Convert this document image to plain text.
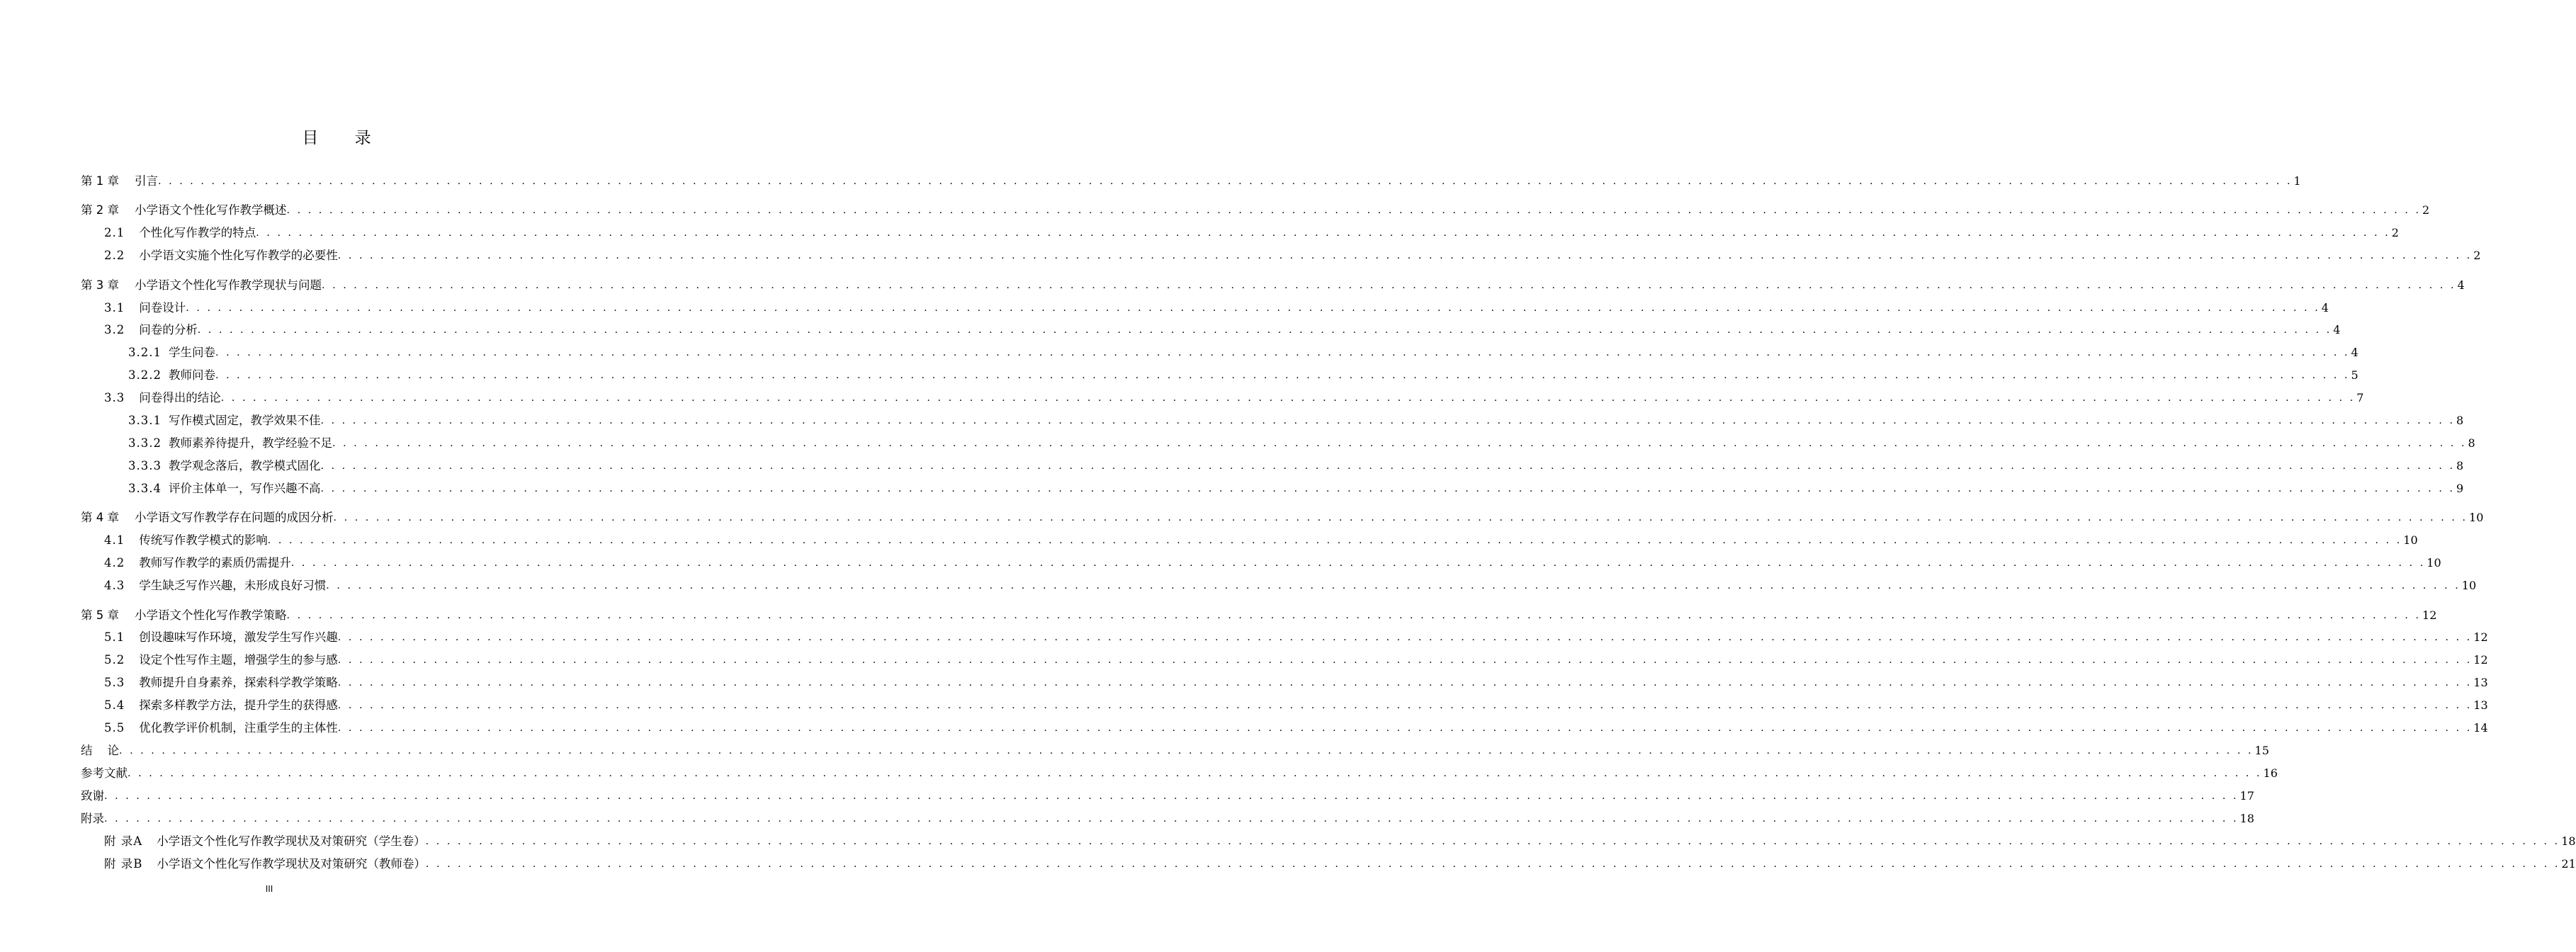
目 录
第 1 章 引言 . . . . . . . . . . . . . . . . . . . . . . . . . . . . . . . . . . . . . . . . . . . . . . . . . . . . . . . . . . . . . . . . . . . . . . . . . . . . . . . . . . . . . . . . . . . . . . . . . . . . . . . . . . . . . . . . . . . . . . . . . . . . . . . . . . . . . . . . . . . . . . . . . . . . . . . . . . . . . . . . . . . . . . . . . . . . . . . . . . . . . . . . . . . . . . . . . . . . . . . . 1
第 2 章 小学语文个性化写作教学概述 . . . . . . . . . . . . . . . . . . . . . . . . . . . . . . . . . . . . . . . . . . . . . . . . . . . . . . . . . . . . . . . . . . . . . . . . . . . . . . . . . . . . . . . . . . . . . . . . . . . . . . . . . . . . . . . . . . . . . . . . . . . . . . . . . . . . . . . . . . . . . . . . . . . . . . . . . . . . . . . . . . . . . . . . . . . . . . . . . . . . . . . . . . . . . . . . . . . . . . . . 2
2.1 个性化写作教学的特点 . . . . . . . . . . . . . . . . . . . . . . . . . . . . . . . . . . . . . . . . . . . . . . . . . . . . . . . . . . . . . . . . . . . . . . . . . . . . . . . . . . . . . . . . . . . . . . . . . . . . . . . . . . . . . . . . . . . . . . . . . . . . . . . . . . . . . . . . . . . . . . . . . . . . . . . . . . . . . . . . . . . . . . . . . . . . . . . . . . . . . . . . . . . . . . . . . . . . . . . . 2
2.2 小学语文实施个性化写作教学的必要性 . . . . . . . . . . . . . . . . . . . . . . . . . . . . . . . . . . . . . . . . . . . . . . . . . . . . . . . . . . . . . . . . . . . . . . . . . . . . . . . . . . . . . . . . . . . . . . . . . . . . . . . . . . . . . . . . . . . . . . . . . . . . . . . . . . . . . . . . . . . . . . . . . . . . . . . . . . . . . . . . . . . . . . . . . . . . . . . . . . . . . . . . . . . . . . . . . . . . . . . . 2
第 3 章 小学语文个性化写作教学现状与问题 . . . . . . . . . . . . . . . . . . . . . . . . . . . . . . . . . . . . . . . . . . . . . . . . . . . . . . . . . . . . . . . . . . . . . . . . . . . . . . . . . . . . . . . . . . . . . . . . . . . . . . . . . . . . . . . . . . . . . . . . . . . . . . . . . . . . . . . . . . . . . . . . . . . . . . . . . . . . . . . . . . . . . . . . . . . . . . . . . . . . . . . . . . . . . . . . . . . . . . . . 4
3.1 问卷设计 . . . . . . . . . . . . . . . . . . . . . . . . . . . . . . . . . . . . . . . . . . . . . . . . . . . . . . . . . . . . . . . . . . . . . . . . . . . . . . . . . . . . . . . . . . . . . . . . . . . . . . . . . . . . . . . . . . . . . . . . . . . . . . . . . . . . . . . . . . . . . . . . . . . . . . . . . . . . . . . . . . . . . . . . . . . . . . . . . . . . . . . . . . . . . . . . . . . . . . . . 4
3.2 问卷的分析 . . . . . . . . . . . . . . . . . . . . . . . . . . . . . . . . . . . . . . . . . . . . . . . . . . . . . . . . . . . . . . . . . . . . . . . . . . . . . . . . . . . . . . . . . . . . . . . . . . . . . . . . . . . . . . . . . . . . . . . . . . . . . . . . . . . . . . . . . . . . . . . . . . . . . . . . . . . . . . . . . . . . . . . . . . . . . . . . . . . . . . . . . . . . . . . . . . . . . . . . 4
3.2.1 学生问卷 . . . . . . . . . . . . . . . . . . . . . . . . . . . . . . . . . . . . . . . . . . . . . . . . . . . . . . . . . . . . . . . . . . . . . . . . . . . . . . . . . . . . . . . . . . . . . . . . . . . . . . . . . . . . . . . . . . . . . . . . . . . . . . . . . . . . . . . . . . . . . . . . . . . . . . . . . . . . . . . . . . . . . . . . . . . . . . . . . . . . . . . . . . . . . . . . . . . . . . . . 4
3.2.2 教师问卷 . . . . . . . . . . . . . . . . . . . . . . . . . . . . . . . . . . . . . . . . . . . . . . . . . . . . . . . . . . . . . . . . . . . . . . . . . . . . . . . . . . . . . . . . . . . . . . . . . . . . . . . . . . . . . . . . . . . . . . . . . . . . . . . . . . . . . . . . . . . . . . . . . . . . . . . . . . . . . . . . . . . . . . . . . . . . . . . . . . . . . . . . . . . . . . . . . . . . . . . . 5
3.3 问卷得出的结论 . . . . . . . . . . . . . . . . . . . . . . . . . . . . . . . . . . . . . . . . . . . . . . . . . . . . . . . . . . . . . . . . . . . . . . . . . . . . . . . . . . . . . . . . . . . . . . . . . . . . . . . . . . . . . . . . . . . . . . . . . . . . . . . . . . . . . . . . . . . . . . . . . . . . . . . . . . . . . . . . . . . . . . . . . . . . . . . . . . . . . . . . . . . . . . . . . . . . . . . . 7
3.3.1 写作模式固定，教学效果不佳 . . . . . . . . . . . . . . . . . . . . . . . . . . . . . . . . . . . . . . . . . . . . . . . . . . . . . . . . . . . . . . . . . . . . . . . . . . . . . . . . . . . . . . . . . . . . . . . . . . . . . . . . . . . . . . . . . . . . . . . . . . . . . . . . . . . . . . . . . . . . . . . . . . . . . . . . . . . . . . . . . . . . . . . . . . . . . . . . . . . . . . . . . . . . . . . . . . . . . . . . 8
3.3.2 教师素养待提升，教学经验不足 . . . . . . . . . . . . . . . . . . . . . . . . . . . . . . . . . . . . . . . . . . . . . . . . . . . . . . . . . . . . . . . . . . . . . . . . . . . . . . . . . . . . . . . . . . . . . . . . . . . . . . . . . . . . . . . . . . . . . . . . . . . . . . . . . . . . . . . . . . . . . . . . . . . . . . . . . . . . . . . . . . . . . . . . . . . . . . . . . . . . . . . . . . . . . . . . . . . . . . . . 8
3.3.3 教学观念落后，教学模式固化 . . . . . . . . . . . . . . . . . . . . . . . . . . . . . . . . . . . . . . . . . . . . . . . . . . . . . . . . . . . . . . . . . . . . . . . . . . . . . . . . . . . . . . . . . . . . . . . . . . . . . . . . . . . . . . . . . . . . . . . . . . . . . . . . . . . . . . . . . . . . . . . . . . . . . . . . . . . . . . . . . . . . . . . . . . . . . . . . . . . . . . . . . . . . . . . . . . . . . . . . 8
3.3.4 评价主体单一，写作兴趣不高 . . . . . . . . . . . . . . . . . . . . . . . . . . . . . . . . . . . . . . . . . . . . . . . . . . . . . . . . . . . . . . . . . . . . . . . . . . . . . . . . . . . . . . . . . . . . . . . . . . . . . . . . . . . . . . . . . . . . . . . . . . . . . . . . . . . . . . . . . . . . . . . . . . . . . . . . . . . . . . . . . . . . . . . . . . . . . . . . . . . . . . . . . . . . . . . . . . . . . . . . 9
第 4 章 小学语文写作教学存在问题的成因分析 . . . . . . . . . . . . . . . . . . . . . . . . . . . . . . . . . . . . . . . . . . . . . . . . . . . . . . . . . . . . . . . . . . . . . . . . . . . . . . . . . . . . . . . . . . . . . . . . . . . . . . . . . . . . . . . . . . . . . . . . . . . . . . . . . . . . . . . . . . . . . . . . . . . . . . . . . . . . . . . . . . . . . . . . . . . . . . . . . . . . . . . . . . . . . . . . . . . . . . . . 10
4.1 传统写作教学模式的影响 . . . . . . . . . . . . . . . . . . . . . . . . . . . . . . . . . . . . . . . . . . . . . . . . . . . . . . . . . . . . . . . . . . . . . . . . . . . . . . . . . . . . . . . . . . . . . . . . . . . . . . . . . . . . . . . . . . . . . . . . . . . . . . . . . . . . . . . . . . . . . . . . . . . . . . . . . . . . . . . . . . . . . . . . . . . . . . . . . . . . . . . . . . . . . . . . . . . . . . . . 10
4.2 教师写作教学的素质仍需提升 . . . . . . . . . . . . . . . . . . . . . . . . . . . . . . . . . . . . . . . . . . . . . . . . . . . . . . . . . . . . . . . . . . . . . . . . . . . . . . . . . . . . . . . . . . . . . . . . . . . . . . . . . . . . . . . . . . . . . . . . . . . . . . . . . . . . . . . . . . . . . . . . . . . . . . . . . . . . . . . . . . . . . . . . . . . . . . . . . . . . . . . . . . . . . . . . . . . . . . . . 10
4.3 学生缺乏写作兴趣，未形成良好习惯 . . . . . . . . . . . . . . . . . . . . . . . . . . . . . . . . . . . . . . . . . . . . . . . . . . . . . . . . . . . . . . . . . . . . . . . . . . . . . . . . . . . . . . . . . . . . . . . . . . . . . . . . . . . . . . . . . . . . . . . . . . . . . . . . . . . . . . . . . . . . . . . . . . . . . . . . . . . . . . . . . . . . . . . . . . . . . . . . . . . . . . . . . . . . . . . . . . . . . . . . 10
第 5 章 小学语文个性化写作教学策略 . . . . . . . . . . . . . . . . . . . . . . . . . . . . . . . . . . . . . . . . . . . . . . . . . . . . . . . . . . . . . . . . . . . . . . . . . . . . . . . . . . . . . . . . . . . . . . . . . . . . . . . . . . . . . . . . . . . . . . . . . . . . . . . . . . . . . . . . . . . . . . . . . . . . . . . . . . . . . . . . . . . . . . . . . . . . . . . . . . . . . . . . . . . . . . . . . . . . . . . . 12
5.1 创设趣味写作环境，激发学生写作兴趣 . . . . . . . . . . . . . . . . . . . . . . . . . . . . . . . . . . . . . . . . . . . . . . . . . . . . . . . . . . . . . . . . . . . . . . . . . . . . . . . . . . . . . . . . . . . . . . . . . . . . . . . . . . . . . . . . . . . . . . . . . . . . . . . . . . . . . . . . . . . . . . . . . . . . . . . . . . . . . . . . . . . . . . . . . . . . . . . . . . . . . . . . . . . . . . . . . . . . . . . . 12
5.2 设定个性写作主题，增强学生的参与感 . . . . . . . . . . . . . . . . . . . . . . . . . . . . . . . . . . . . . . . . . . . . . . . . . . . . . . . . . . . . . . . . . . . . . . . . . . . . . . . . . . . . . . . . . . . . . . . . . . . . . . . . . . . . . . . . . . . . . . . . . . . . . . . . . . . . . . . . . . . . . . . . . . . . . . . . . . . . . . . . . . . . . . . . . . . . . . . . . . . . . . . . . . . . . . . . . . . . . . . . 12
5.3 教师提升自身素养，探索科学教学策略 . . . . . . . . . . . . . . . . . . . . . . . . . . . . . . . . . . . . . . . . . . . . . . . . . . . . . . . . . . . . . . . . . . . . . . . . . . . . . . . . . . . . . . . . . . . . . . . . . . . . . . . . . . . . . . . . . . . . . . . . . . . . . . . . . . . . . . . . . . . . . . . . . . . . . . . . . . . . . . . . . . . . . . . . . . . . . . . . . . . . . . . . . . . . . . . . . . . . . . . . 13
5.4 探索多样教学方法，提升学生的获得感 . . . . . . . . . . . . . . . . . . . . . . . . . . . . . . . . . . . . . . . . . . . . . . . . . . . . . . . . . . . . . . . . . . . . . . . . . . . . . . . . . . . . . . . . . . . . . . . . . . . . . . . . . . . . . . . . . . . . . . . . . . . . . . . . . . . . . . . . . . . . . . . . . . . . . . . . . . . . . . . . . . . . . . . . . . . . . . . . . . . . . . . . . . . . . . . . . . . . . . . . 13
5.5 优化教学评价机制，注重学生的主体性 . . . . . . . . . . . . . . . . . . . . . . . . . . . . . . . . . . . . . . . . . . . . . . . . . . . . . . . . . . . . . . . . . . . . . . . . . . . . . . . . . . . . . . . . . . . . . . . . . . . . . . . . . . . . . . . . . . . . . . . . . . . . . . . . . . . . . . . . . . . . . . . . . . . . . . . . . . . . . . . . . . . . . . . . . . . . . . . . . . . . . . . . . . . . . . . . . . . . . . . . 14
结    论 . . . . . . . . . . . . . . . . . . . . . . . . . . . . . . . . . . . . . . . . . . . . . . . . . . . . . . . . . . . . . . . . . . . . . . . . . . . . . . . . . . . . . . . . . . . . . . . . . . . . . . . . . . . . . . . . . . . . . . . . . . . . . . . . . . . . . . . . . . . . . . . . . . . . . . . . . . . . . . . . . . . . . . . . . . . . . . . . . . . . . . . . . . . . . . . . . . . . . . . . 15
参考文献 . . . . . . . . . . . . . . . . . . . . . . . . . . . . . . . . . . . . . . . . . . . . . . . . . . . . . . . . . . . . . . . . . . . . . . . . . . . . . . . . . . . . . . . . . . . . . . . . . . . . . . . . . . . . . . . . . . . . . . . . . . . . . . . . . . . . . . . . . . . . . . . . . . . . . . . . . . . . . . . . . . . . . . . . . . . . . . . . . . . . . . . . . . . . . . . . . . . . . . . . 16
致谢 . . . . . . . . . . . . . . . . . . . . . . . . . . . . . . . . . . . . . . . . . . . . . . . . . . . . . . . . . . . . . . . . . . . . . . . . . . . . . . . . . . . . . . . . . . . . . . . . . . . . . . . . . . . . . . . . . . . . . . . . . . . . . . . . . . . . . . . . . . . . . . . . . . . . . . . . . . . . . . . . . . . . . . . . . . . . . . . . . . . . . . . . . . . . . . . . . . . . . . . . 17
附录 . . . . . . . . . . . . . . . . . . . . . . . . . . . . . . . . . . . . . . . . . . . . . . . . . . . . . . . . . . . . . . . . . . . . . . . . . . . . . . . . . . . . . . . . . . . . . . . . . . . . . . . . . . . . . . . . . . . . . . . . . . . . . . . . . . . . . . . . . . . . . . . . . . . . . . . . . . . . . . . . . . . . . . . . . . . . . . . . . . . . . . . . . . . . . . . . . . . . . . . . 18
附 录A 小学语文个性化写作教学现状及对策研究（学生卷） . . . . . . . . . . . . . . . . . . . . . . . . . . . . . . . . . . . . . . . . . . . . . . . . . . . . . . . . . . . . . . . . . . . . . . . . . . . . . . . . . . . . . . . . . . . . . . . . . . . . . . . . . . . . . . . . . . . . . . . . . . . . . . . . . . . . . . . . . . . . . . . . . . . . . . . . . . . . . . . . . . . . . . . . . . . . . . . . . . . . . . . . . . . . . . . . . . . . . . . . 18
附 录B 小学语文个性化写作教学现状及对策研究（教师卷） . . . . . . . . . . . . . . . . . . . . . . . . . . . . . . . . . . . . . . . . . . . . . . . . . . . . . . . . . . . . . . . . . . . . . . . . . . . . . . . . . . . . . . . . . . . . . . . . . . . . . . . . . . . . . . . . . . . . . . . . . . . . . . . . . . . . . . . . . . . . . . . . . . . . . . . . . . . . . . . . . . . . . . . . . . . . . . . . . . . . . . . . . . . . . . . . . . . . . . . . 21
III
